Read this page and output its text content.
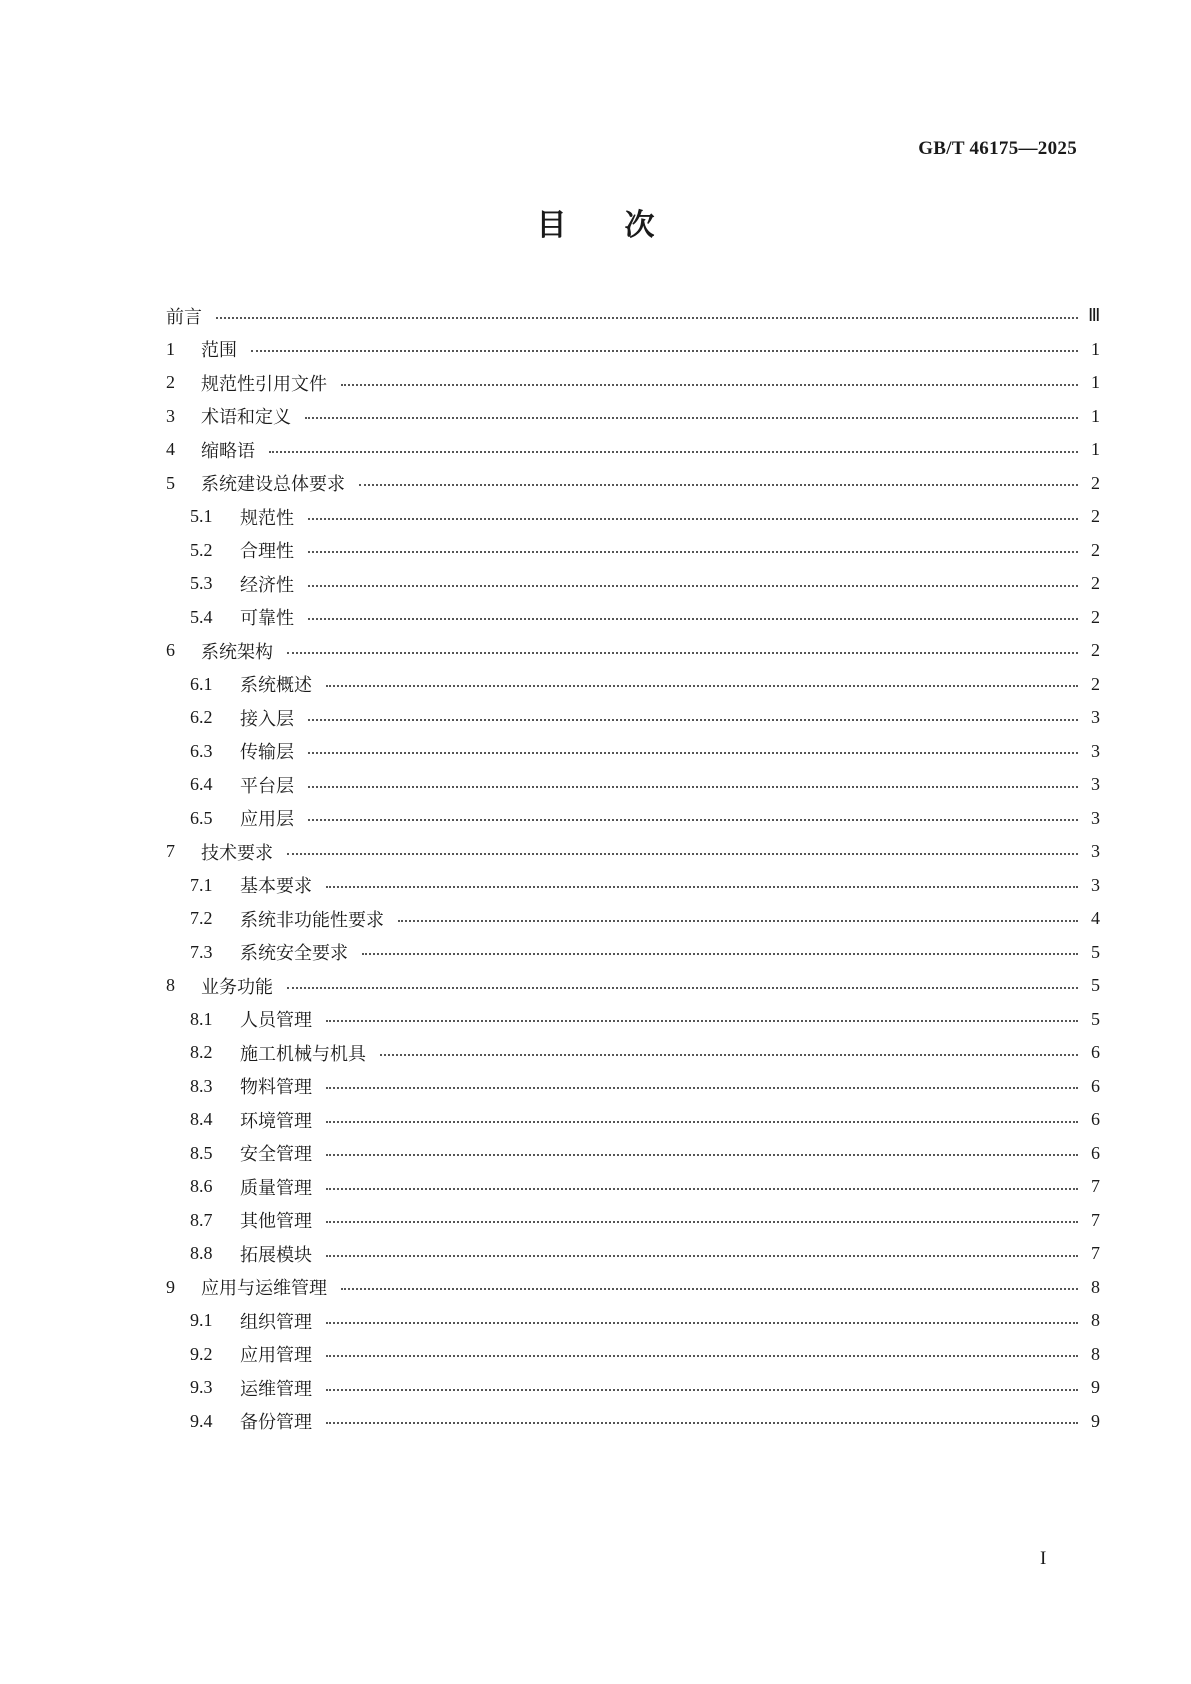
GB/T 46175—2025
目 次
前言	Ⅲ
1	范围	1
2	规范性引用文件	1
3	术语和定义	1
4	缩略语	1
5	系统建设总体要求	2
5.1	规范性	2
5.2	合理性	2
5.3	经济性	2
5.4	可靠性	2
6	系统架构	2
6.1	系统概述	2
6.2	接入层	3
6.3	传输层	3
6.4	平台层	3
6.5	应用层	3
7	技术要求	3
7.1	基本要求	3
7.2	系统非功能性要求	4
7.3	系统安全要求	5
8	业务功能	5
8.1	人员管理	5
8.2	施工机械与机具	6
8.3	物料管理	6
8.4	环境管理	6
8.5	安全管理	6
8.6	质量管理	7
8.7	其他管理	7
8.8	拓展模块	7
9	应用与运维管理	8
9.1	组织管理	8
9.2	应用管理	8
9.3	运维管理	9
9.4	备份管理	9
I
